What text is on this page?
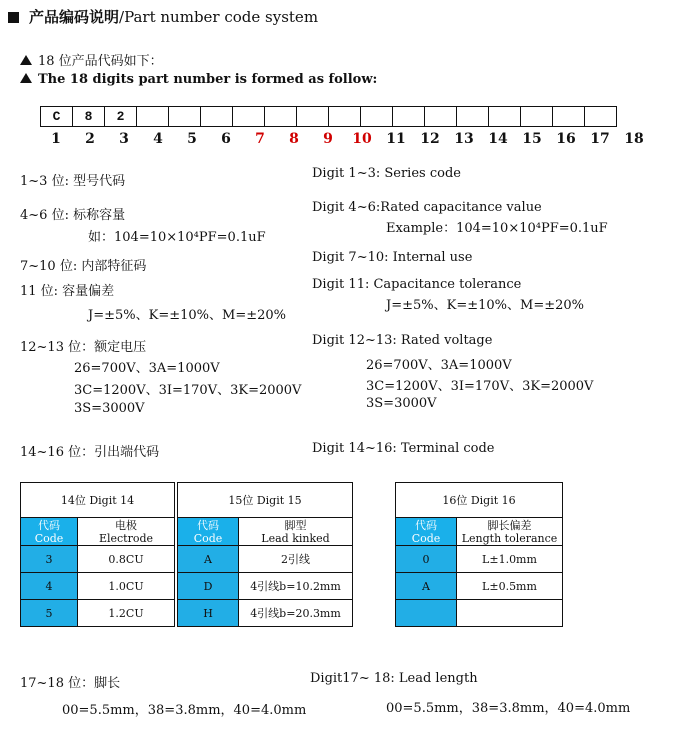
产品编码说明/Part number code system
18 位产品代码如下：
The 18 digits part number is formed as follow:
C	8	2
1	2	3	4	5	6	7	8	9	10	11	12	13	14	15	16	17	18
1~3 位: 型号代码
4~6 位: 标称容量
如：104=10×10⁴PF=0.1uF
7~10 位: 内部特征码
11 位: 容量偏差
J=±5%、K=±10%、M=±20%
12~13 位：额定电压
26=700V、3A=1000V
3C=1200V、3I=170V、3K=2000V
3S=3000V
14~16 位：引出端代码
17~18 位：脚长
00=5.5mm，38=3.8mm，40=4.0mm
Digit 1~3: Series code
Digit 4~6:Rated capacitance value
Example：104=10×10⁴PF=0.1uF
Digit 7~10: Internal use
Digit 11: Capacitance tolerance
J=±5%、K=±10%、M=±20%
Digit 12~13: Rated voltage
26=700V、3A=1000V
3C=1200V、3I=170V、3K=2000V
3S=3000V
Digit 14~16: Terminal code
Digit17~ 18: Lead length
00=5.5mm，38=3.8mm，40=4.0mm
14位 Digit 14	
代码
Code	电极
Electrode
3	0.8CU
4	1.0CU
5	1.2CU
15位 Digit 15	
代码
Code	脚型
Lead kinked
A	2引线
D	4引线b=10.2mm
H	4引线b=20.3mm
16位 Digit 16	
代码
Code	脚长偏差
Length tolerance
0	L±1.0mm
A	L±0.5mm
